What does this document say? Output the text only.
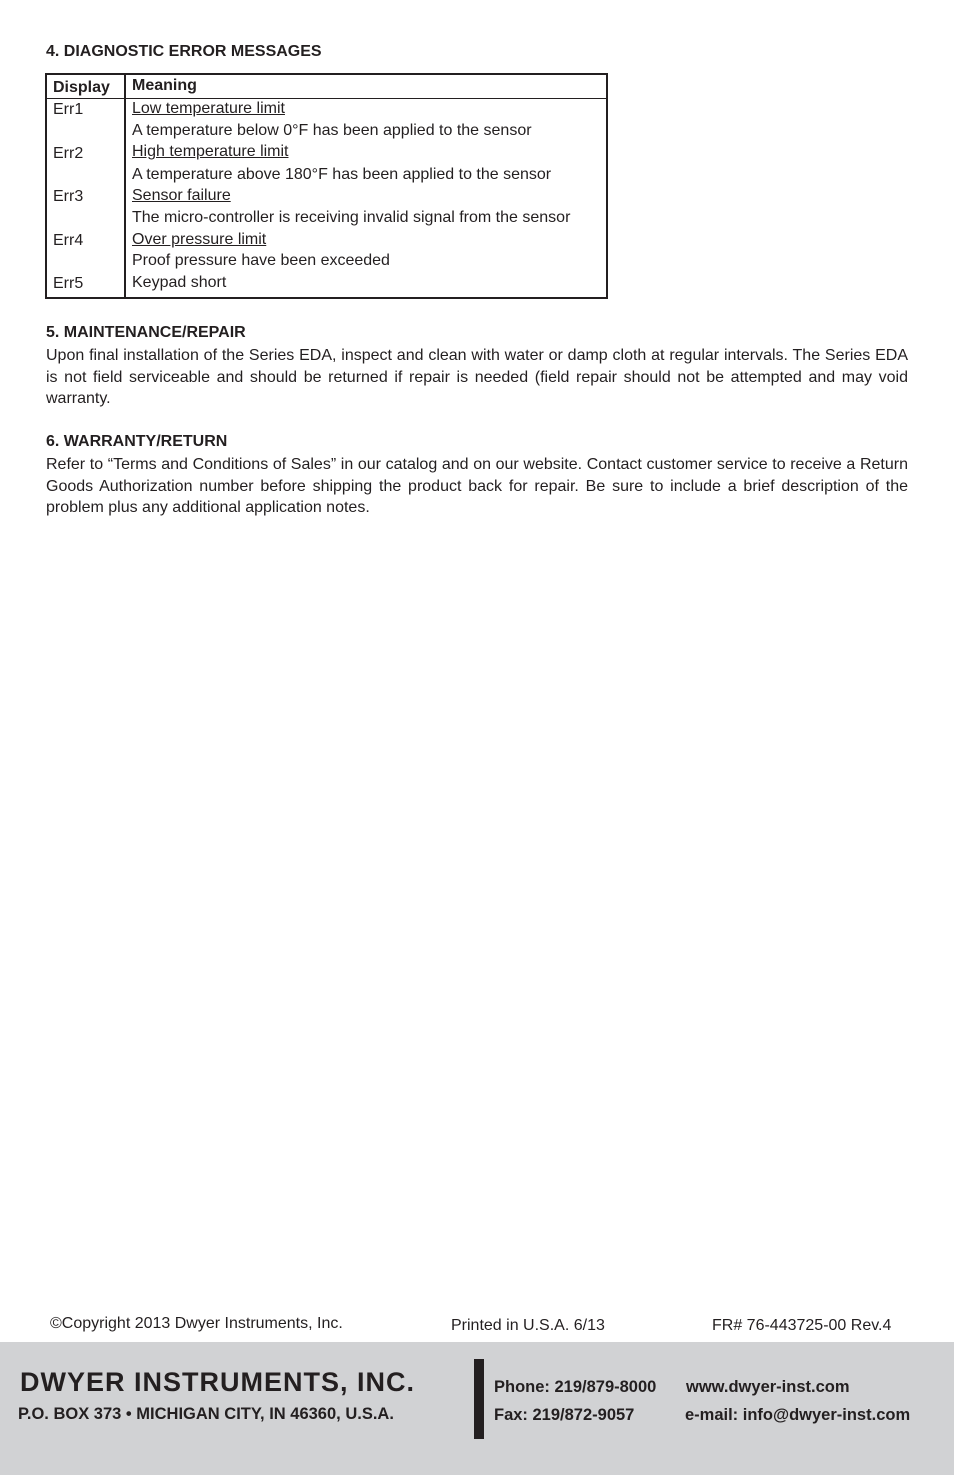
4. DIAGNOSTIC ERROR MESSAGES
Display Meaning
Err1	Low temperature limit
A temperature below 0°F has been applied to the sensor
Err2	High temperature limit
A temperature above 180°F has been applied to the sensor
Err3	Sensor failure
The micro-controller is receiving invalid signal from the sensor
Err4	Over pressure limit
Proof pressure have been exceeded
Err5	Keypad short
5. MAINTENANCE/REPAIR

Upon final installation of the Series EDA, inspect and clean with water or damp cloth at regular intervals. The Series EDA is not field serviceable and should be returned if repair is needed (field repair should not be attempted and may void warranty.

6. WARRANTY/RETURN

Refer to “Terms and Conditions of Sales” in our catalog and on our website. Contact customer service to receive a Return Goods Authorization number before shipping the product back for repair. Be sure to include a brief description of the problem plus any additional application notes.

©Copyright 2013 Dwyer Instruments, Inc.	Printed in U.S.A. 6/13	FR# 76-443725-00 Rev.4
DWYER INSTRUMENTS, INC.
P.O. BOX 373 • MICHIGAN CITY, IN 46360, U.S.A.
Phone: 219/879-8000
Fax: 219/872-9057
www.dwyer-inst.com
e-mail: info@dwyer-inst.com
